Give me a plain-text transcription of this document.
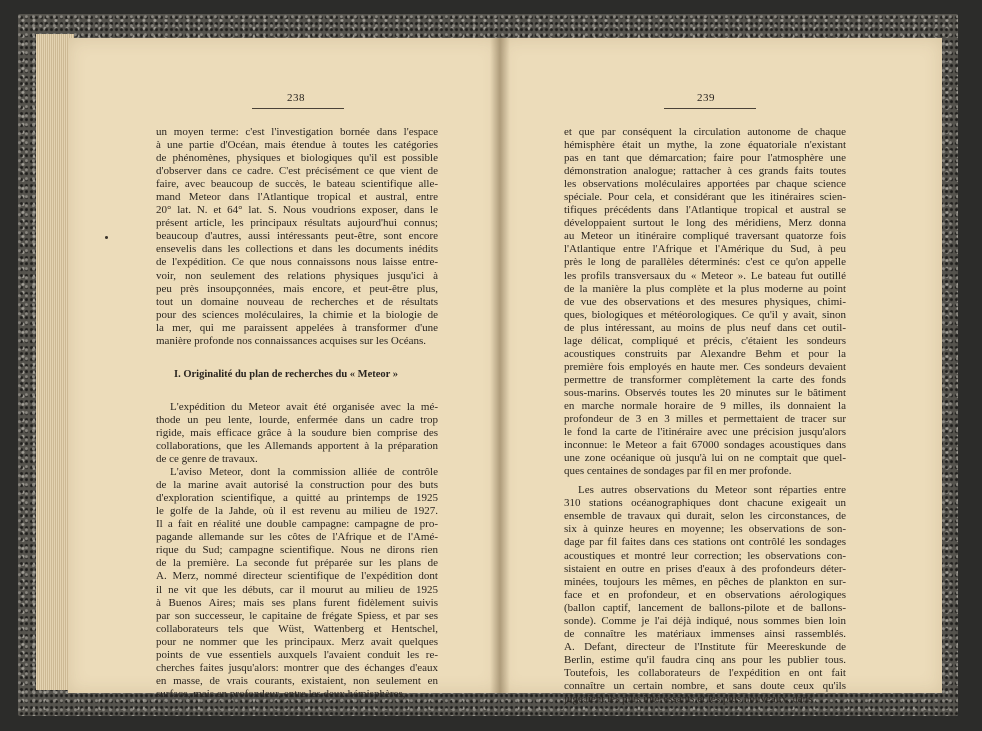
238	239
un moyen terme: c'est l'investigation bornée dans l'espace
à une partie d'Océan, mais étendue à toutes les catégories
de phénomènes, physiques et biologiques qu'il est possible
d'observer dans ce cadre. C'est précisément ce que vient de
faire, avec beaucoup de succès, le bateau scientifique alle-
mand Meteor dans l'Atlantique tropical et austral, entre
20° lat. N. et 64° lat. S. Nous voudrions exposer, dans le
présent article, les principaux résultats aujourd'hui connus;
beaucoup d'autres, aussi intéressants peut-être, sont encore
ensevelis dans les collections et dans les documents inédits
de l'expédition. Ce que nous connaissons nous laisse entre-
voir, non seulement des relations physiques jusqu'ici à
peu près insoupçonnées, mais encore, et peut-être plus,
tout un domaine nouveau de recherches et de résultats
pour des sciences moléculaires, la chimie et la biologie de
la mer, qui me paraissent appelées à transformer d'une
manière profonde nos connaissances acquises sur les Océans.
I. Originalité du plan de recherches du « Meteor »
L'expédition du Meteor avait été organisée avec la mé-
thode un peu lente, lourde, enfermée dans un cadre trop
rigide, mais efficace grâce à la soudure bien comprise des
collaborations, que les Allemands apportent à la préparation
de ce genre de travaux.
L'aviso Meteor, dont la commission alliée de contrôle
de la marine avait autorisé la construction pour des buts
d'exploration scientifique, a quitté au printemps de 1925
le golfe de la Jahde, où il est revenu au milieu de 1927.
Il a fait en réalité une double campagne: campagne de pro-
pagande allemande sur les côtes de l'Afrique et de l'Amé-
rique du Sud; campagne scientifique. Nous ne dirons rien
de la première. La seconde fut préparée sur les plans de
A. Merz, nommé directeur scientifique de l'expédition dont
il ne vit que les débuts, car il mourut au milieu de 1925
à Buenos Aires; mais ses plans furent fidèlement suivis
par son successeur, le capitaine de frégate Spiess, et par ses
collaborateurs tels que Wüst, Wattenberg et Hentschel,
pour ne nommer que les principaux. Merz avait quelques
points de vue essentiels auxquels l'avaient conduit les re-
cherches faites jusqu'alors: montrer que des échanges d'eaux
en masse, de vrais courants, existaient, non seulement en
surface, mais en profondeur, entre les deux hémisphères,
et que par conséquent la circulation autonome de chaque
hémisphère était un mythe, la zone équatoriale n'existant
pas en tant que démarcation; faire pour l'atmosphère une
démonstration analogue; rattacher à ces grands faits toutes
les observations moléculaires apportées par chaque science
spéciale. Pour cela, et considérant que les itinéraires scien-
tifiques précédents dans l'Atlantique tropical et austral se
développaient surtout le long des méridiens, Merz donna
au Meteor un itinéraire compliqué traversant quatorze fois
l'Atlantique entre l'Afrique et l'Amérique du Sud, à peu
près le long de parallèles déterminés: c'est ce qu'on appelle
les profils transversaux du « Meteor ». Le bateau fut outillé
de la manière la plus complète et la plus moderne au point
de vue des observations et des mesures physiques, chimi-
ques, biologiques et météorologiques. Ce qu'il y avait, sinon
de plus intéressant, au moins de plus neuf dans cet outil-
lage délicat, compliqué et précis, c'étaient les sondeurs
acoustiques construits par Alexandre Behm et pour la
première fois employés en haute mer. Ces sondeurs devaient
permettre de transformer complètement la carte des fonds
sous-marins. Observés toutes les 20 minutes sur le bâtiment
en marche normale horaire de 9 milles, ils donnaient la
profondeur de 3 en 3 milles et permettaient de tracer sur
le fond la carte de l'itinéraire avec une précision jusqu'alors
inconnue: le Meteor a fait 67000 sondages acoustiques dans
une zone océanique où jusqu'à lui on ne comptait que quel-
ques centaines de sondages par fil en mer profonde.
Les autres observations du Meteor sont réparties entre
310 stations océanographiques dont chacune exigeait un
ensemble de travaux qui durait, selon les circonstances, de
six à quinze heures en moyenne; les observations de son-
dage par fil faites dans ces stations ont contrôlé les sondages
acoustiques et montré leur correction; les observations con-
sistaient en outre en prises d'eaux à des profondeurs déter-
minées, toujours les mêmes, en pêches de plankton en sur-
face et en profondeur, et en observations aérologiques
(ballon captif, lancement de ballons-pilote et de ballons-
sonde). Comme je l'ai déjà indiqué, nous sommes bien loin
de connaître les matériaux immenses ainsi rassemblés.
A. Defant, directeur de l'Institute für Meereskunde de
Berlin, estime qu'il faudra cinq ans pour les publier tous.
Toutefois, les collaborateurs de l'expédition en ont fait
connaître un certain nombre, et sans doute ceux qu'ils
jugeaient les plus intéressants et les plus nouveaux, dans
